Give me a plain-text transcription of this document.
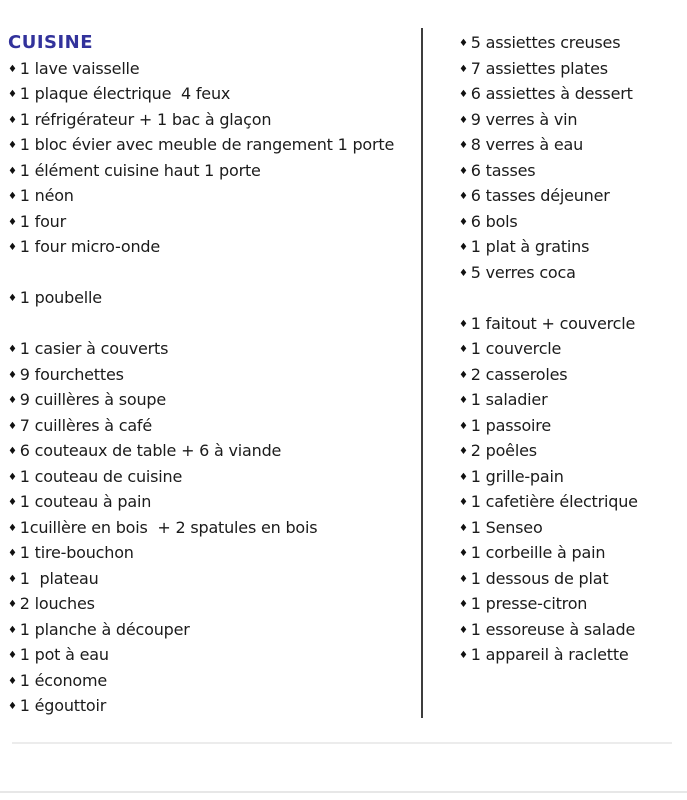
CUISINE
♦ 1 lave vaisselle
♦ 1 plaque électrique  4 feux
♦ 1 réfrigérateur + 1 bac à glaçon
♦ 1 bloc évier avec meuble de rangement 1 porte
♦ 1 élément cuisine haut 1 porte
♦ 1 néon
♦ 1 four
♦ 1 four micro-onde
♦ 1 poubelle
♦ 1 casier à couverts
♦ 9 fourchettes
♦ 9 cuillères à soupe
♦ 7 cuillères à café
♦ 6 couteaux de table + 6 à viande
♦ 1 couteau de cuisine
♦ 1 couteau à pain
♦ 1cuillère en bois  + 2 spatules en bois
♦ 1 tire-bouchon
♦ 1  plateau
♦ 2 louches
♦ 1 planche à découper
♦ 1 pot à eau
♦ 1 économe
♦ 1 égouttoir
♦ 5 assiettes creuses
♦ 7 assiettes plates
♦ 6 assiettes à dessert
♦ 9 verres à vin
♦ 8 verres à eau
♦ 6 tasses
♦ 6 tasses déjeuner
♦ 6 bols
♦ 1 plat à gratins
♦ 5 verres coca
♦ 1 faitout + couvercle
♦ 1 couvercle
♦ 2 casseroles
♦ 1 saladier
♦ 1 passoire
♦ 2 poêles
♦ 1 grille-pain
♦ 1 cafetière électrique
♦ 1 Senseo
♦ 1 corbeille à pain
♦ 1 dessous de plat
♦ 1 presse-citron
♦ 1 essoreuse à salade
♦ 1 appareil à raclette
